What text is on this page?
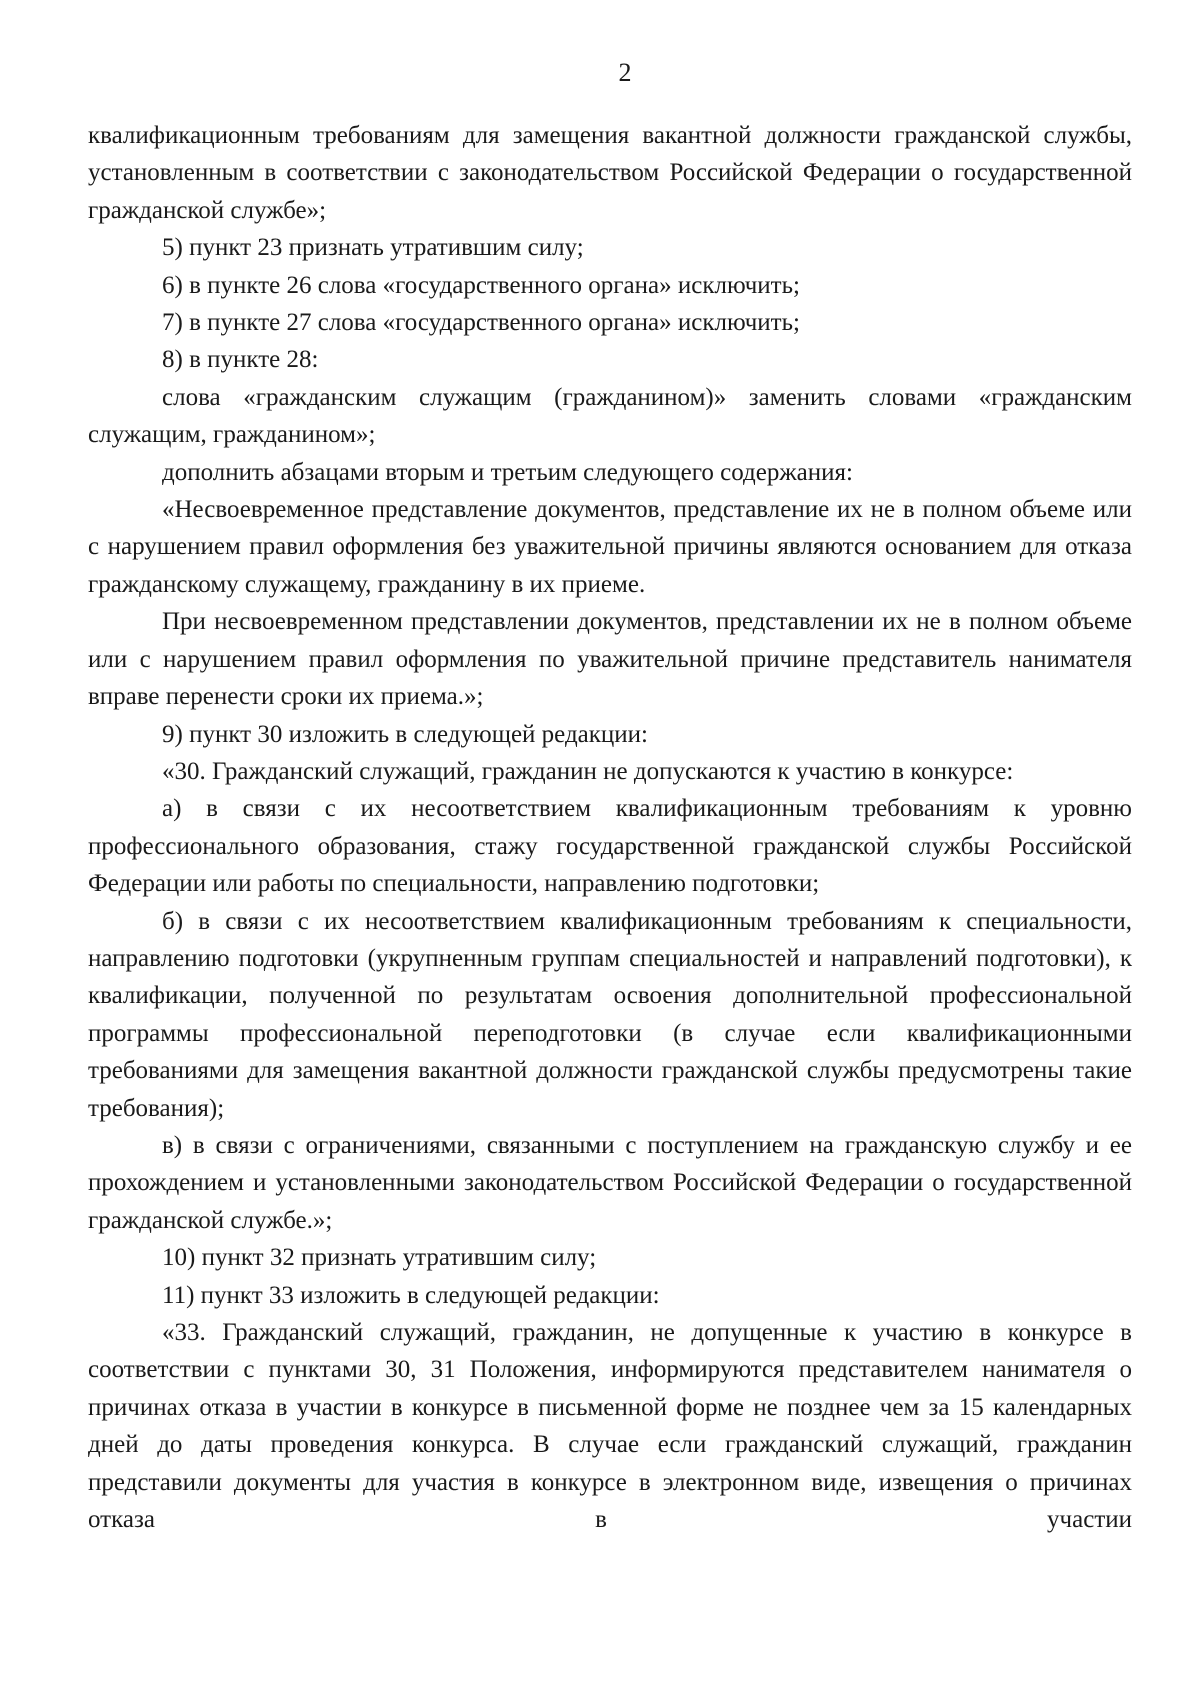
2

квалификационным требованиям для замещения вакантной должности гражданской службы, установленным в соответствии с законодательством Российской Федерации о государственной гражданской службе»;

5) пункт 23 признать утратившим силу;

6) в пункте 26 слова «государственного органа» исключить;

7) в пункте 27 слова «государственного органа» исключить;

8) в пункте 28:

слова «гражданским служащим (гражданином)» заменить словами «гражданским служащим, гражданином»;

дополнить абзацами вторым и третьим следующего содержания:

«Несвоевременное представление документов, представление их не в полном объеме или с нарушением правил оформления без уважительной причины являются основанием для отказа гражданскому служащему, гражданину в их приеме.

При несвоевременном представлении документов, представлении их не в полном объеме или с нарушением правил оформления по уважительной причине представитель нанимателя вправе перенести сроки их приема.»;

9) пункт 30 изложить в следующей редакции:

«30. Гражданский служащий, гражданин не допускаются к участию в конкурсе:

а) в связи с их несоответствием квалификационным требованиям к уровню профессионального образования, стажу государственной гражданской службы Российской Федерации или работы по специальности, направлению подготовки;

б) в связи с их несоответствием квалификационным требованиям к специальности, направлению подготовки (укрупненным группам специальностей и направлений подготовки), к квалификации, полученной по результатам освоения дополнительной профессиональной программы профессиональной переподготовки (в случае если квалификационными требованиями для замещения вакантной должности гражданской службы предусмотрены такие требования);

в) в связи с ограничениями, связанными с поступлением на гражданскую службу и ее прохождением и установленными законодательством Российской Федерации о государственной гражданской службе.»;

10) пункт 32 признать утратившим силу;

11) пункт 33 изложить в следующей редакции:

«33. Гражданский служащий, гражданин, не допущенные к участию в конкурсе в соответствии с пунктами 30, 31 Положения, информируются представителем нанимателя о причинах отказа в участии в конкурсе в письменной форме не позднее чем за 15 календарных дней до даты проведения конкурса. В случае если гражданский служащий, гражданин представили документы для участия в конкурсе в электронном виде, извещения о причинах отказа в участии
